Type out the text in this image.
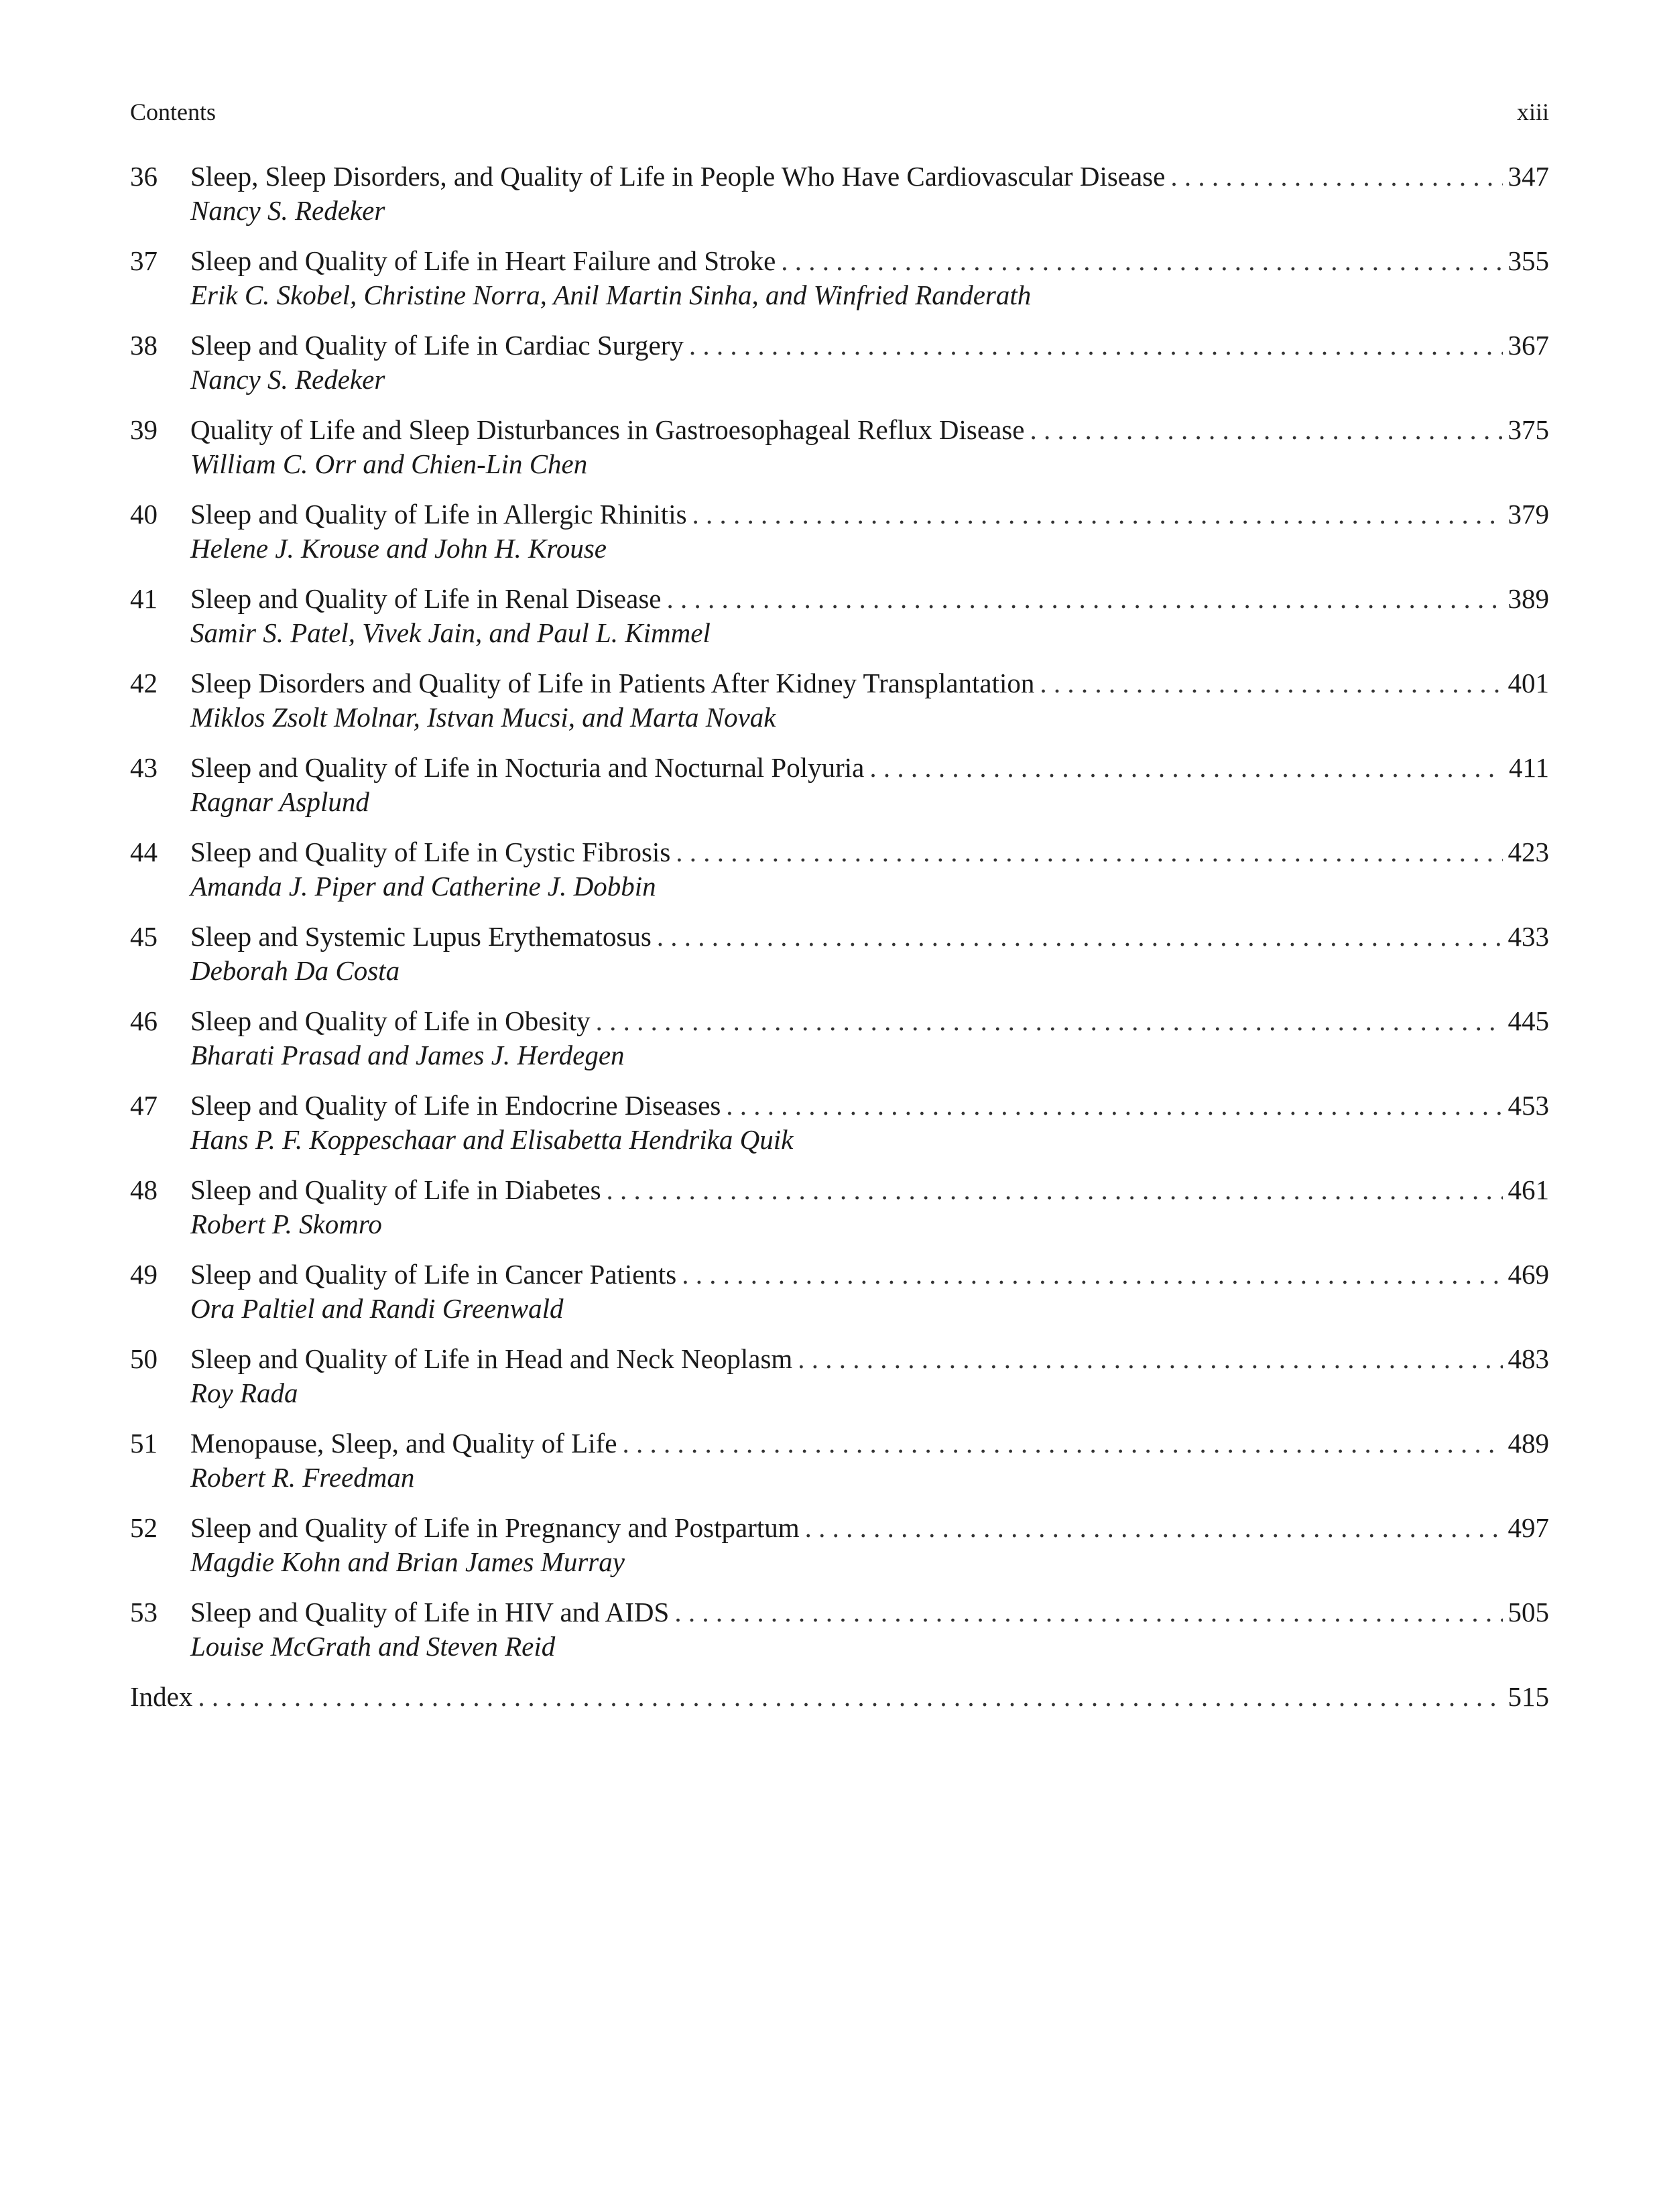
Contents	xiii
36	Sleep, Sleep Disorders, and Quality of Life in People Who Have Cardiovascular Disease . . .	347
Nancy S. Redeker
37	Sleep and Quality of Life in Heart Failure and Stroke . . .	355
Erik C. Skobel, Christine Norra, Anil Martin Sinha, and Winfried Randerath
38	Sleep and Quality of Life in Cardiac Surgery . . .	367
Nancy S. Redeker
39	Quality of Life and Sleep Disturbances in Gastroesophageal Reflux Disease . . .	375
William C. Orr and Chien-Lin Chen
40	Sleep and Quality of Life in Allergic Rhinitis . . .	379
Helene J. Krouse and John H. Krouse
41	Sleep and Quality of Life in Renal Disease . . .	389
Samir S. Patel, Vivek Jain, and Paul L. Kimmel
42	Sleep Disorders and Quality of Life in Patients After Kidney Transplantation . . .	401
Miklos Zsolt Molnar, Istvan Mucsi, and Marta Novak
43	Sleep and Quality of Life in Nocturia and Nocturnal Polyuria . . .	411
Ragnar Asplund
44	Sleep and Quality of Life in Cystic Fibrosis . . .	423
Amanda J. Piper and Catherine J. Dobbin
45	Sleep and Systemic Lupus Erythematosus . . .	433
Deborah Da Costa
46	Sleep and Quality of Life in Obesity . . .	445
Bharati Prasad and James J. Herdegen
47	Sleep and Quality of Life in Endocrine Diseases . . .	453
Hans P. F. Koppeschaar and Elisabetta Hendrika Quik
48	Sleep and Quality of Life in Diabetes . . .	461
Robert P. Skomro
49	Sleep and Quality of Life in Cancer Patients . . .	469
Ora Paltiel and Randi Greenwald
50	Sleep and Quality of Life in Head and Neck Neoplasm . . .	483
Roy Rada
51	Menopause, Sleep, and Quality of Life . . .	489
Robert R. Freedman
52	Sleep and Quality of Life in Pregnancy and Postpartum . . .	497
Magdie Kohn and Brian James Murray
53	Sleep and Quality of Life in HIV and AIDS . . .	505
Louise McGrath and Steven Reid
Index . . .	515
